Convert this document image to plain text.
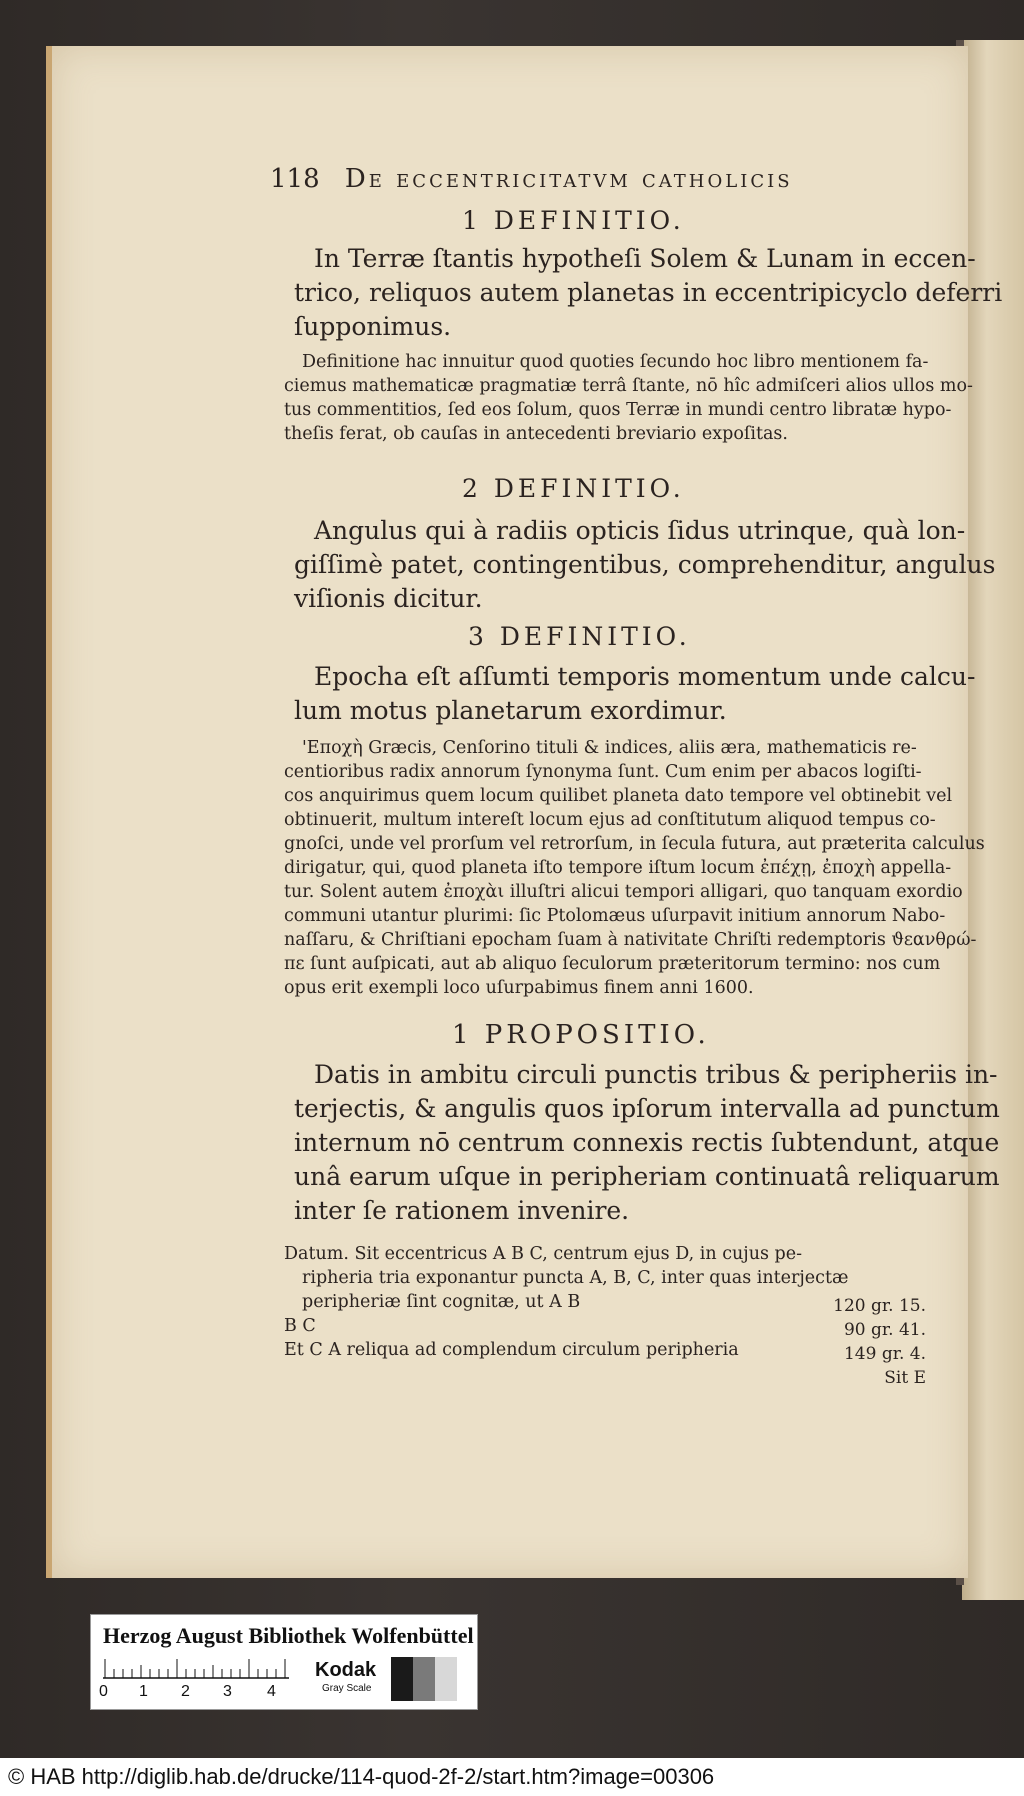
118 De eccentricitatvm catholicis
1 DEFINITIO.
In Terræ ſtantis hypotheſi Solem & Lunam in eccen-
trico, reliquos autem planetas in eccentripicyclo deferri
ſupponimus.
Definitione hac innuitur quod quoties ſecundo hoc libro mentionem fa-
ciemus mathematicæ pragmatiæ terrâ ſtante, nō hîc admiſceri alios ullos mo-
tus commentitios, ſed eos ſolum, quos Terræ in mundi centro libratæ hypo-
theſis ferat, ob cauſas in antecedenti breviario expoſitas.
2 DEFINITIO.
Angulus qui à radiis opticis ſidus utrinque, quà lon-
giſſimè patet, contingentibus, comprehenditur, angulus
viſionis dicitur.
3 DEFINITIO.
Epocha eſt aſſumti temporis momentum unde calcu-
lum motus planetarum exordimur.
'Εποχὴ Græcis, Cenſorino tituli & indices, aliis æra, mathematicis re-
centioribus radix annorum ſynonyma ſunt. Cum enim per abacos logiſti-
cos anquirimus quem locum quilibet planeta dato tempore vel obtinebit vel
obtinuerit, multum intereſt locum ejus ad conſtitutum aliquod tempus co-
gnoſci, unde vel prorſum vel retrorſum, in ſecula futura, aut præterita calculus
dirigatur, qui, quod planeta iſto tempore iſtum locum ἐπέχῃ, ἐποχὴ appella-
tur. Solent autem ἐποχὰι illuſtri alicui tempori alligari, quo tanquam exordio
communi utantur plurimi: ſic Ptolomæus uſurpavit initium annorum Nabo-
naſſaru, & Chriſtiani epocham ſuam à nativitate Chriſti redemptoris ϑεανθρώ-
πε ſunt auſpicati, aut ab aliquo ſeculorum præteritorum termino: nos cum
opus erit exempli loco uſurpabimus finem anni 1600.
1 PROPOSITIO.
Datis in ambitu circuli punctis tribus & peripheriis in-
terjectis, & angulis quos ipſorum intervalla ad punctum
internum nō centrum connexis rectis ſubtendunt, atque
unâ earum uſque in peripheriam continuatâ reliquarum
inter ſe rationem invenire.
Datum. Sit eccentricus A B C, centrum ejus D, in cujus pe-
ripheria tria exponantur puncta A, B, C, inter quas interjectæ
peripheriæ ſint cognitæ, ut A B
B C
Et C A reliqua ad complendum circulum peripheria
120 gr. 15.
90 gr. 41.
149 gr. 4.
Sit E
Herzog August Bibliothek Wolfenbüttel
0 1 2 3 4
Kodak
Gray Scale
© HAB http://diglib.hab.de/drucke/114-quod-2f-2/start.htm?image=00306
